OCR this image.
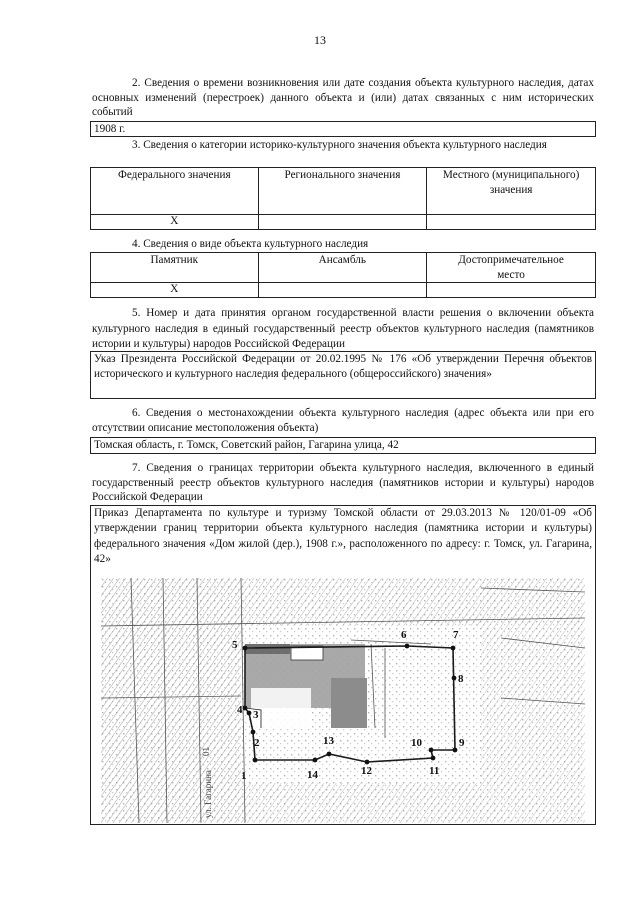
13
2. Сведения о времени возникновения или дате создания объекта культурного наследия, датах основных изменений (перестроек) данного объекта и (или) датах связанных с ним исторических событий
1908 г.
3. Сведения о категории историко-культурного значения объекта культурного наследия
Федерального значения	Регионального значения	Местного (муниципального) значения
Х		
4. Сведения о виде объекта культурного наследия
Памятник	Ансамбль	Достопримечательное место
Х		
5. Номер и дата принятия органом государственной власти решения о включении объекта культурного наследия в единый государственный реестр объектов культурного наследия (памятников истории и культуры) народов Российской Федерации
Указ Президента Российской Федерации от 20.02.1995 № 176 «Об утверждении Перечня объектов исторического и культурного наследия федерального (общероссийского) значения»
6. Сведения о местонахождении объекта культурного наследия (адрес объекта или при его отсутствии описание местоположения объекта)
Томская область, г. Томск, Советский район, Гагарина улица, 42
7. Сведения о границах территории объекта культурного наследия, включенного в единый государственный реестр объектов культурного наследия (памятников истории и культуры) народов Российской Федерации
Приказ Департамента по культуре и туризму Томской области от 29.03.2013 № 120/01-09 «Об утверждении границ территории объекта культурного наследия (памятника истории и культуры) федерального значения «Дом жилой (дер.), 1908 г.», расположенного по адресу: г. Томск, ул. Гагарина, 42»
1
2
3
4
5
6	7
8
9
10
11
12
13
14
ул. Гагарина
01
